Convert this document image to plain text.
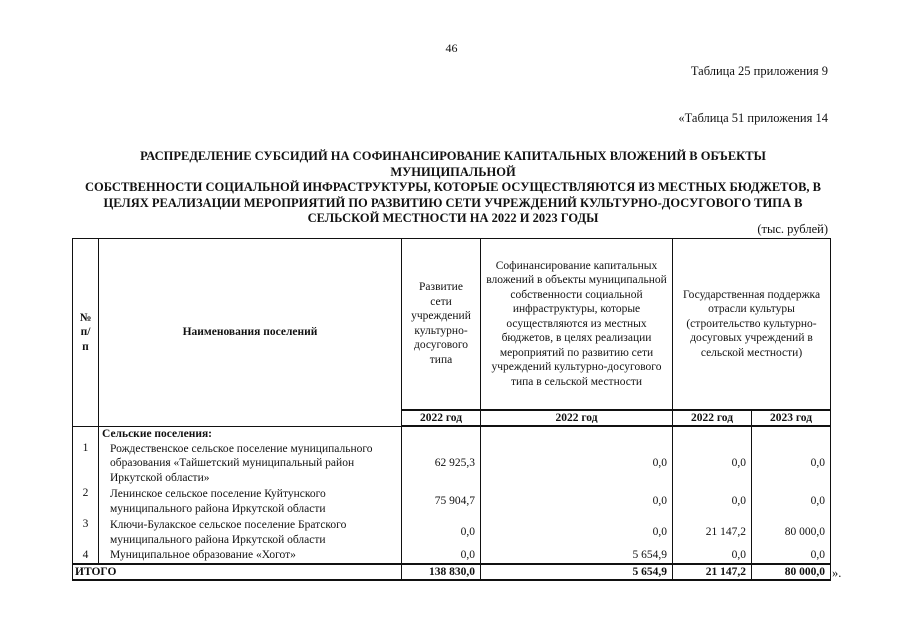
46
Таблица 25 приложения 9
«Таблица 51 приложения 14
РАСПРЕДЕЛЕНИЕ СУБСИДИЙ НА СОФИНАНСИРОВАНИЕ КАПИТАЛЬНЫХ ВЛОЖЕНИЙ В ОБЪЕКТЫ МУНИЦИПАЛЬНОЙ
СОБСТВЕННОСТИ СОЦИАЛЬНОЙ ИНФРАСТРУКТУРЫ, КОТОРЫЕ ОСУЩЕСТВЛЯЮТСЯ ИЗ МЕСТНЫХ БЮДЖЕТОВ, В
ЦЕЛЯХ РЕАЛИЗАЦИИ МЕРОПРИЯТИЙ ПО РАЗВИТИЮ СЕТИ УЧРЕЖДЕНИЙ КУЛЬТУРНО-ДОСУГОВОГО ТИПА В
СЕЛЬСКОЙ МЕСТНОСТИ НА 2022 И 2023 ГОДЫ
(тыс. рублей)
№ п/п	Наименования поселений	Развитие сети учреждений культурно-досугового типа	Софинансирование капитальных вложений в объекты муниципальной собственности социальной инфраструктуры, которые осуществляются из местных бюджетов, в целях реализации мероприятий по развитию сети учреждений культурно-досугового типа в сельской местности	Государственная поддержка отрасли культуры (строительство культурно-досуговых учреждений в сельской местности)	
		2022 год	2022 год	2022 год	2023 год
	Сельские поселения:				
1	Рождественское сельское поселение муниципального образования «Тайшетский муниципальный район Иркутской области»	62 925,3	0,0	0,0	0,0
2	Ленинское сельское поселение Куйтунского муниципального района Иркутской области	75 904,7	0,0	0,0	0,0
3	Ключи-Булакское сельское поселение Братского муниципального района Иркутской области	0,0	0,0	21 147,2	80 000,0
4	Муниципальное образование «Хогот»	0,0	5 654,9	0,0	0,0
ИТОГО		138 830,0	5 654,9	21 147,2	80 000,0 ».
